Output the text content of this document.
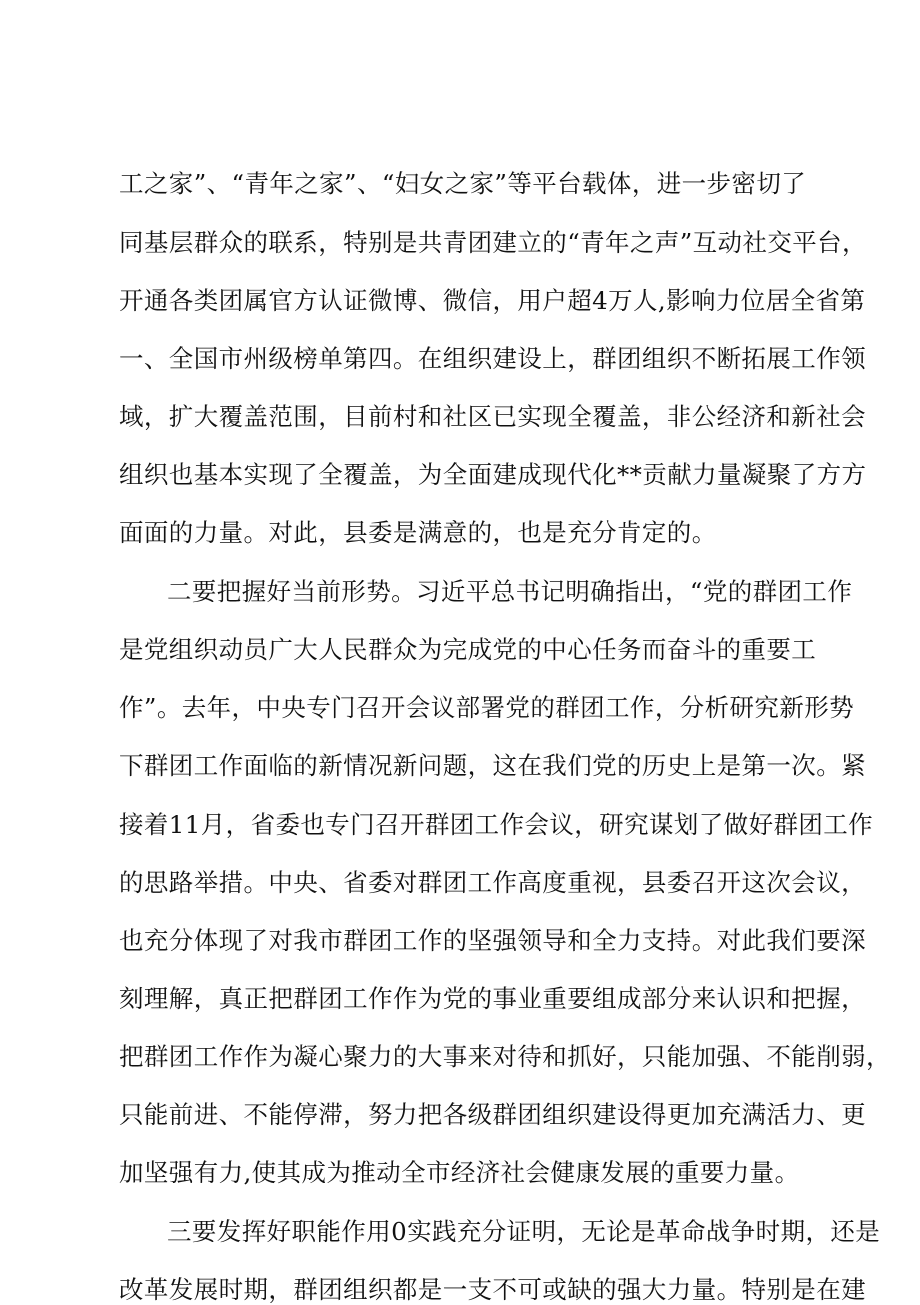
工之家”、“青年之家”、“妇女之家”等平台载体，进一步密切了
同基层群众的联系，特别是共青团建立的“青年之声”互动社交平台，
开通各类团属官方认证微博、微信，用户超4万人,影响力位居全省第
一、全国市州级榜单第四。在组织建设上，群团组织不断拓展工作领
域，扩大覆盖范围，目前村和社区已实现全覆盖，非公经济和新社会
组织也基本实现了全覆盖，为全面建成现代化**贡献力量凝聚了方方
面面的力量。对此，县委是满意的，也是充分肯定的。
二要把握好当前形势。习近平总书记明确指出，“党的群团工作
是党组织动员广大人民群众为完成党的中心任务而奋斗的重要工
作”。去年，中央专门召开会议部署党的群团工作，分析研究新形势
下群团工作面临的新情况新问题，这在我们党的历史上是第一次。紧
接着11月，省委也专门召开群团工作会议，研究谋划了做好群团工作
的思路举措。中央、省委对群团工作高度重视，县委召开这次会议，
也充分体现了对我市群团工作的坚强领导和全力支持。对此我们要深
刻理解，真正把群团工作作为党的事业重要组成部分来认识和把握，
把群团工作作为凝心聚力的大事来对待和抓好，只能加强、不能削弱，
只能前进、不能停滞，努力把各级群团组织建设得更加充满活力、更
加坚强有力,使其成为推动全市经济社会健康发展的重要力量。
三要发挥好职能作用0实践充分证明，无论是革命战争时期，还是
改革发展时期，群团组织都是一支不可或缺的强大力量。特别是在建
